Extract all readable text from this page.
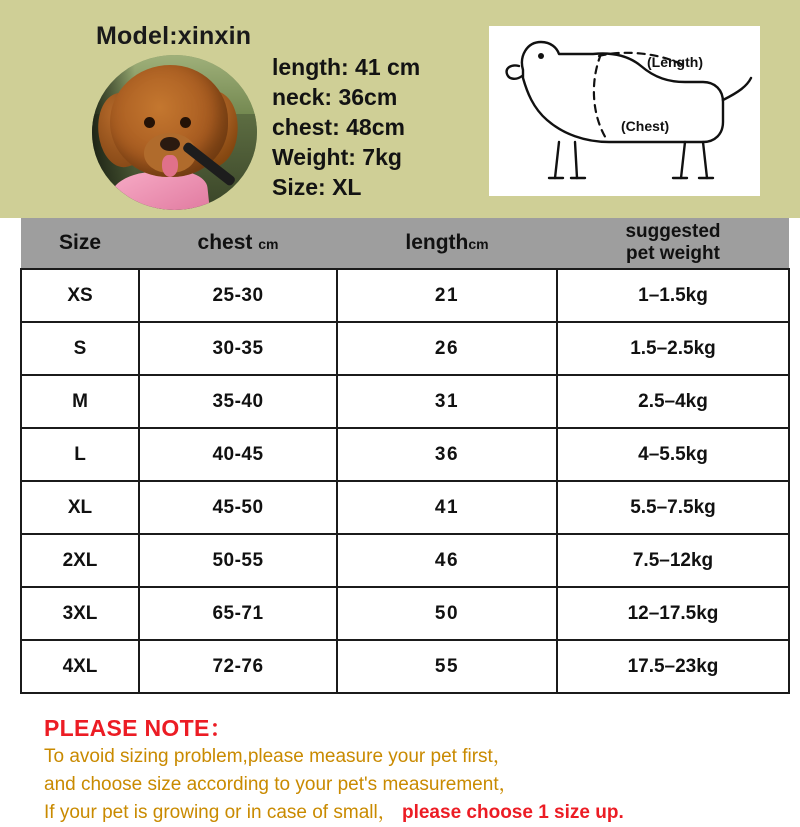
Model:xinxin
length: 41 cm
neck: 36cm
chest: 48cm
Weight: 7kg
Size: XL
(Length)
(Chest)
Size	chest cm	lengthcm	suggested
pet weight

XS	25-30	21	1–1.5kg
S	30-35	26	1.5–2.5kg
M	35-40	31	2.5–4kg
L	40-45	36	4–5.5kg
XL	45-50	41	5.5–7.5kg
2XL	50-55	46	7.5–12kg
3XL	65-71	50	12–17.5kg
4XL	72-76	55	17.5–23kg
PLEASE NOTE：
To avoid sizing problem,please measure your pet first，
and choose size according to your pet's measurement，
If your pet is growing or in case of small， please choose 1 size up.
